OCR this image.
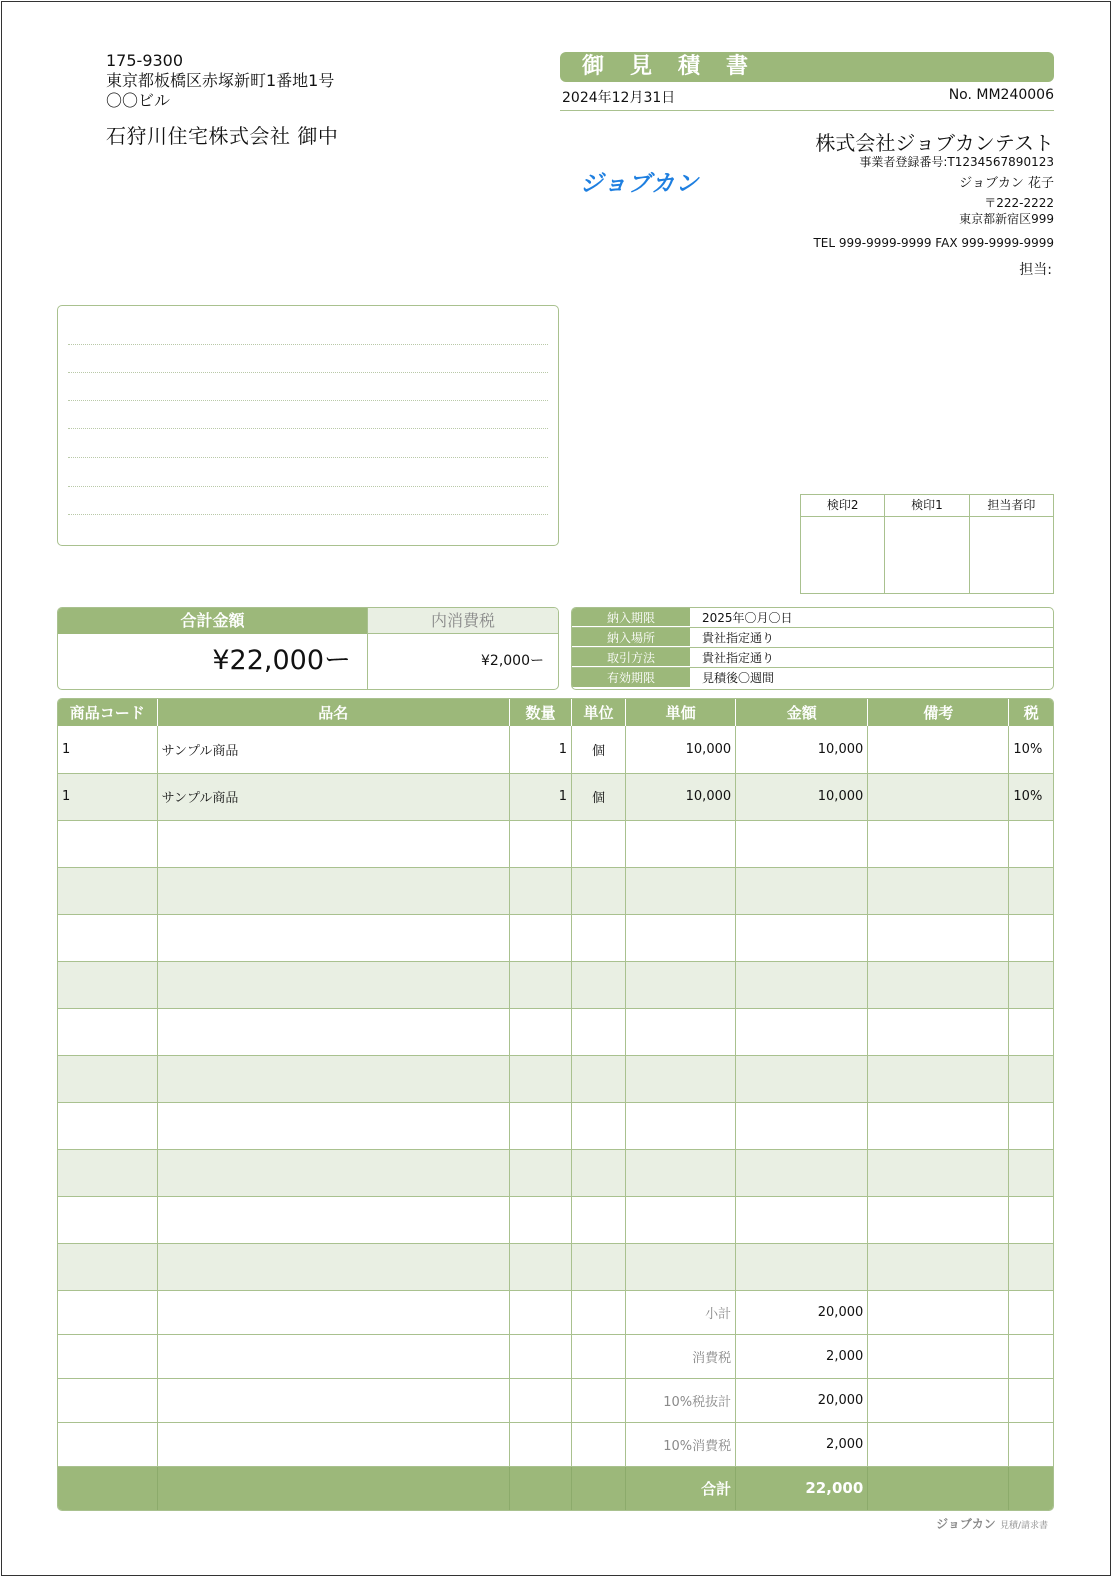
175-9300
東京都板橋区赤塚新町1番地1号
〇〇ビル
石狩川住宅株式会社 御中
御見積書
2024年12月31日	No. MM240006
ジョブカン
株式会社ジョブカンテスト
事業者登録番号:T1234567890123
ジョブカン 花子
〒222-2222
東京都新宿区999
TEL 999-9999-9999 FAX 999-9999-9999
担当:
検印2	検印1	担当者印
合計金額
¥22,000ー
内消費税
¥2,000ー
納入期限	2025年〇月〇日
納入場所	貴社指定通り
取引方法	貴社指定通り
有効期限	見積後〇週間
商品コード	品名	数量	単位	単価	金額	備考	税
1	サンプル商品	1	個	10,000	10,000		10%
1	サンプル商品	1	個	10,000	10,000		10%

				小計	20,000		
				消費税	2,000		
				10%税抜計	20,000		
				10%消費税	2,000		
				合計	22,000		
ジョブカン 見積/請求書
